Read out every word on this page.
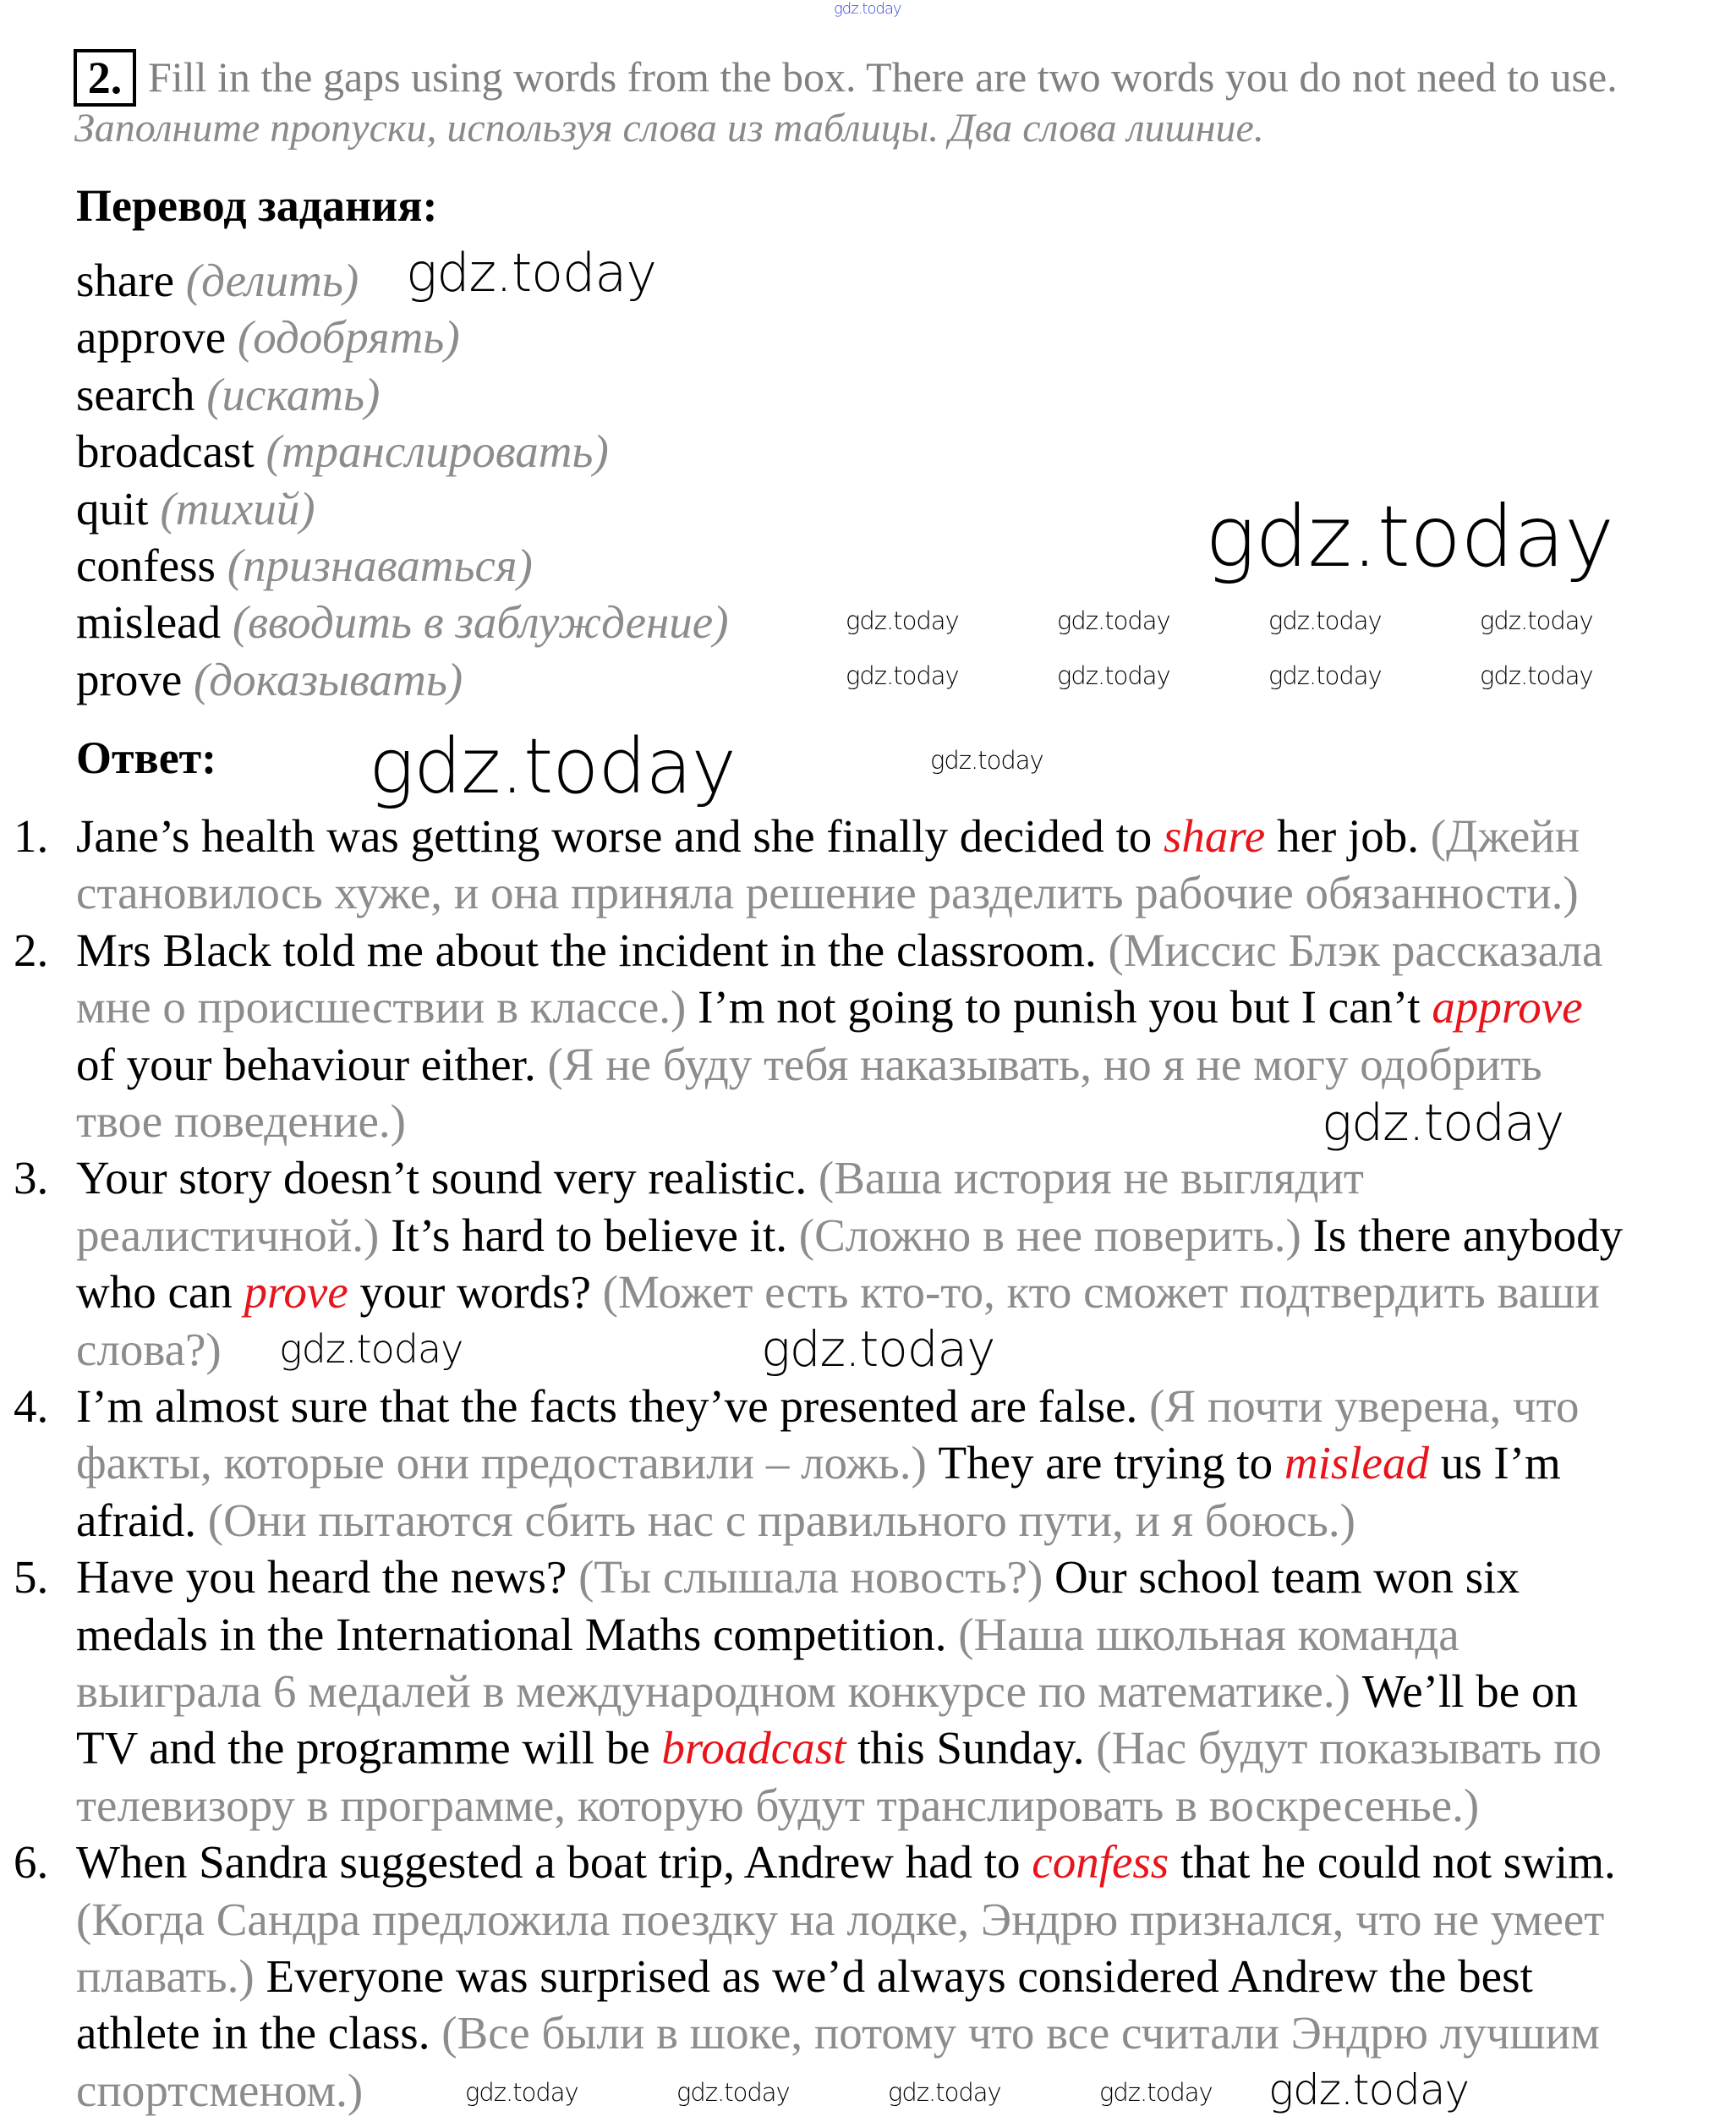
2. Fill in the gaps using words from the box. There are two words you do not need to use.
Заполните пропуски, используя слова из таблицы. Два слова лишние.
Перевод задания:
share (делить)
approve (одобрять)
search (искать)
broadcast (транслировать)
quit (тихий)
confess (признаваться)
mislead (вводить в заблуждение)
prove (доказывать)
Ответ:
1. Jane’s health was getting worse and she finally decided to share her job. (Джейн
становилось хуже, и она приняла решение разделить рабочие обязанности.)
2. Mrs Black told me about the incident in the classroom. (Миссис Блэк рассказала
мне о происшествии в классе.) I’m not going to punish you but I can’t approve
of your behaviour either. (Я не буду тебя наказывать, но я не могу одобрить
твое поведение.)
3. Your story doesn’t sound very realistic. (Ваша история не выглядит
реалистичной.) It’s hard to believe it. (Сложно в нее поверить.) Is there anybody
who can prove your words? (Может есть кто-то, кто сможет подтвердить ваши
слова?)
4. I’m almost sure that the facts they’ve presented are false. (Я почти уверена, что
факты, которые они предоставили – ложь.) They are trying to mislead us I’m
afraid. (Они пытаются сбить нас с правильного пути, и я боюсь.)
5. Have you heard the news? (Ты слышала новость?) Our school team won six
medals in the International Maths competition. (Наша школьная команда
выиграла 6 медалей в международном конкурсе по математике.) We’ll be on
TV and the programme will be broadcast this Sunday. (Нас будут показывать по
телевизору в программе, которую будут транслировать в воскресенье.)
6. When Sandra suggested a boat trip, Andrew had to confess that he could not swim.
(Когда Сандра предложила поездку на лодке, Эндрю признался, что не умеет
плавать.) Everyone was surprised as we’d always considered Andrew the best
athlete in the class. (Все были в шоке, потому что все считали Эндрю лучшим
спортсменом.)
gdz.today
gdz.today
gdz.today
gdz.today
gdz.today
gdz.today
gdz.today
gdz.today	gdz.today	gdz.today	gdz.today
gdz.today	gdz.today	gdz.today	gdz.today
gdz.today	gdz.today	gdz.today	gdz.today
gdz.today
gdz.today
